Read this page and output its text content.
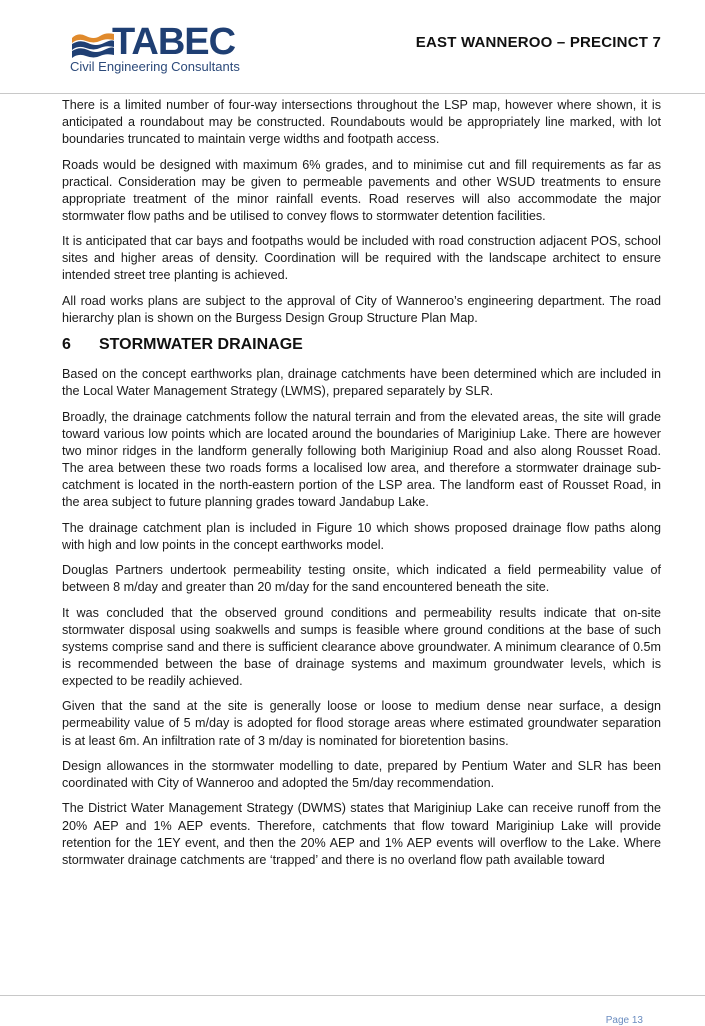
TABEC
Civil Engineering Consultants
EAST WANNEROO – PRECINCT 7

There is a limited number of four-way intersections throughout the LSP map, however where shown, it is anticipated a roundabout may be constructed. Roundabouts would be appropriately line marked, with lot boundaries truncated to maintain verge widths and footpath access.

Roads would be designed with maximum 6% grades, and to minimise cut and fill requirements as far as practical. Consideration may be given to permeable pavements and other WSUD treatments to ensure appropriate treatment of the minor rainfall events. Road reserves will also accommodate the major stormwater flow paths and be utilised to convey flows to stormwater detention facilities.

It is anticipated that car bays and footpaths would be included with road construction adjacent POS, school sites and higher areas of density. Coordination will be required with the landscape architect to ensure intended street tree planting is achieved.

All road works plans are subject to the approval of City of Wanneroo’s engineering department. The road hierarchy plan is shown on the Burgess Design Group Structure Plan Map.

6 STORMWATER DRAINAGE

Based on the concept earthworks plan, drainage catchments have been determined which are included in the Local Water Management Strategy (LWMS), prepared separately by SLR.

Broadly, the drainage catchments follow the natural terrain and from the elevated areas, the site will grade toward various low points which are located around the boundaries of Mariginiup Lake. There are however two minor ridges in the landform generally following both Mariginiup Road and also along Rousset Road. The area between these two roads forms a localised low area, and therefore a stormwater drainage sub-catchment is located in the north-eastern portion of the LSP area. The landform east of Rousset Road, in the area subject to future planning grades toward Jandabup Lake.

The drainage catchment plan is included in Figure 10 which shows proposed drainage flow paths along with high and low points in the concept earthworks model.

Douglas Partners undertook permeability testing onsite, which indicated a field permeability value of between 8 m/day and greater than 20 m/day for the sand encountered beneath the site.

It was concluded that the observed ground conditions and permeability results indicate that on-site stormwater disposal using soakwells and sumps is feasible where ground conditions at the base of such systems comprise sand and there is sufficient clearance above groundwater. A minimum clearance of 0.5m is recommended between the base of drainage systems and maximum groundwater levels, which is expected to be readily achieved.

Given that the sand at the site is generally loose or loose to medium dense near surface, a design permeability value of 5 m/day is adopted for flood storage areas where estimated groundwater separation is at least 6m. An infiltration rate of 3 m/day is nominated for bioretention basins.

Design allowances in the stormwater modelling to date, prepared by Pentium Water and SLR has been coordinated with City of Wanneroo and adopted the 5m/day recommendation.

The District Water Management Strategy (DWMS) states that Mariginiup Lake can receive runoff from the 20% AEP and 1% AEP events. Therefore, catchments that flow toward Mariginiup Lake will provide retention for the 1EY event, and then the 20% AEP and 1% AEP events will overflow to the Lake. Where stormwater drainage catchments are ‘trapped’ and there is no overland flow path available toward

Page 13
